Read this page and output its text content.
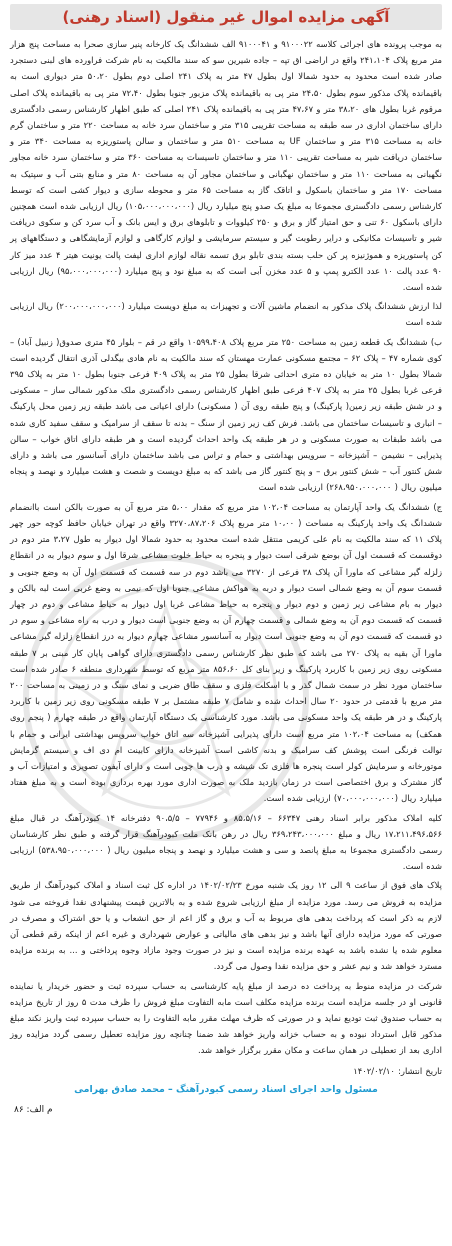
آگهی مزایده اموال غیر منقول (اسناد رهنی)

به موجب پرونده های اجرائی کلاسه ۹۱۰۰۰۲۲ و ۹۱۰۰۰۴۱ الف ششدانگ یک کارخانه پنیر سازی صحرا به مساحت پنج هزار متر مربع پلاک ۲۴۱،۱۰۴ واقع در اراضی اق تپه – جاده شیرین سو که سند مالکیت به نام شرکت فراورده های لبنی دستجرد صادر شده است محدود به حدود شمالا اول بطول ۴۷ متر به پلاک ۲۴۱ اصلی دوم بطول ۵۰،۲۰ متر دیواری است به باقیمانده پلاک مذکور سوم بطول ۲۴،۵۰ متر پی به باقیمانده پلاک مزبور جنوبا بطول ۷۲،۴۰ متر پی به باقیمانده پلاک اصلی مرقوم غربا بطول های ۳۸،۲۰ متر و ۴۷،۶۷ متر پی به باقیمانده پلاک ۲۴۱ اصلی که طبق اظهار کارشناس رسمی دادگستری دارای ساختمان اداری در سه طبقه به مساحت تقریبی ۳۱۵ متر و ساختمان سرد خانه به مساحت ۲۲۰ متر و ساختمان گرم خانه به مساحت ۳۱۵ متر و ساختمان UF به مساحت ۵۱۰ متر و ساختمان و سالن پاستوریزه به مساحت ۳۴۰ متر و ساختمان دریافت شیر به مساحت تقریبی ۱۱۰ متر و ساختمان تاسیسات به مساحت ۳۶۰ متر و ساختمان سرد خانه مجاور نگهبانی به مساحت ۱۱۰ متر و ساختمان نهگبانی و ساختمان مجاور آن به مساحت ۸۰ متر و منابع بتنی آب و سپتیک به مساحت ۱۷۰ متر و ساختمان باسکول و اتاقک گاز به مساحت ۶۵ متر و محوطه سازی و دیوار کشی است که توسط کارشناس رسمی دادگستری مجموعا به مبلغ یک صدو پنج میلیارد ریال (۱۰۵،۰۰۰،۰۰۰،۰۰۰) ریال ارزیابی شده است همچنین دارای باسکول ۶۰ تنی و حق امتیاز گاز و برق و ۲۵۰ کیلووات و تابلوهای برق و ایس بانک و آب سرد کن و سکوی دریافت شیر و تاسیسات مکانیکی و درایر رطوبت گیر و سیستم سرمایشی و لوازم کارگاهی و لوازم آزمایشگاهی و دستگاههای پر کن پاستوریزه و هموژنیزه پر کن حلب بسته بندی تابلو برق تسمه نقاله لوازم اداری لیفت پالت یونیت هیتر ۴ عدد میز کار ۹۰ عدد پالت ۱۰ عدد الکترو پمپ و ۵ عدد مخزن آبی است که به مبلغ نود و پنج میلیارد (۹۵،۰۰۰،۰۰۰،۰۰۰) ریال ارزیابی شده است.

لذا ارزش ششدانگ پلاک مذکور به انضمام ماشین آلات و تجهیزات به مبلغ دویست میلیارد (۲۰۰،۰۰۰،۰۰۰،۰۰۰) ریال ارزیابی شده است

ب) ششدانگ یک قطعه زمین به مساحت ۲۵۰ متر مربع پلاک ۱۰۵۹۹،۴۰۸ واقع در قم – بلوار ۴۵ متری صدوق( زنبیل آباد) – کوی شماره ۴۷ – پلاک ۶۲ – مجتمع مسکونی عمارت مهستان که سند مالکیت به نام هادی بیگدلی آذری انتقال گردیده است شمالا بطول ۱۰ متر به خیابان ده متری احداثی شرقا بطول ۲۵ متر به پلاک ۴۰۹ فرعی جنوبا بطول ۱۰ متر به پلاک ۳۹۵ فرعی غربا بطول ۲۵ متر به پلاک ۴۰۷ فرعی طبق اظهار کارشناس رسمی دادگستری ملک مذکور شمالی ساز – مسکونی و در شش طبقه زیر زمین( پارکینگ) و پنج طبقه روی آن ( مسکونی) دارای اعیانی می باشد طبقه زیر زمین محل پارکینگ – انباری و تاسیسات ساختمان می باشد. فرش کف زیر زمین از سنگ – بدنه تا سقف از سرامیک و سقف سفید کاری شده می باشد طبقات به صورت مسکونی و در هر طبقه یک واحد احداث گردیده است و هر طبقه دارای اتاق خواب – سالن پذیرایی – نشیمن – آشپزخانه – سرویس بهداشتی و حمام و تراس می باشد ساختمان دارای آسانسور می باشد و دارای شش کنتور آب – شش کنتور برق – و پنج کنتور گاز می باشد که به مبلغ دویست و شصت و هشت میلیارد و نهصد و پنجاه میلیون ریال ( ۲۶۸،۹۵۰،۰۰۰،۰۰۰) ارزیابی شده است

ج) ششدانگ یک واحد آپارتمان به مساحت ۱۰۲،۰۴ متر مربع که مقدار ۵،۰۰ متر مربع آن به صورت بالکن است باانضمام ششدانگ یک واحد پارکینگ به مساحت ( ۱۰،۰۰ متر مربع پلاک ۳۲۷۰،۸۷،۲۰۶ واقع در تهران خیابان حافظ کوچه حور چهر پلاک ۱۱ که سند مالکیت به نام علی کریمی منتقل شده است محدود به حدود شمالا اول دیوار به طول ۳،۲۷ متر دوم در دوقسمت که قسمت اول آن بوضع شرقی است دیوار و پنجره به حیاط خلوت مشاعی شرقا اول و سوم دیوار به در انقطاع زلزله گیر مشاعی که ماورا آن پلاک ۳۸ فرعی از ۳۲۷۰ می باشد دوم در سه قسمت که قسمت اول آن به وضع جنوبی و قسمت سوم آن به وضع شمالی است دیوار و دربه به هواکش مشاعی جنوبا اول که نیمی به وضع غربی است لبه بالکن و دیوار به بام مشاعی زیر زمین و دوم دیوار و پنجره به حیاط مشاعی غربا اول دیوار به حیاط مشاعی و دوم در چهار قسمت که قسمت دوم آن به وضع شمالی و قسمت چهارم آن به وضع جنوبی است دیوار و درب به راه مشاعی و سوم در دو قسمت که قسمت دوم آن به وضع جنوبی است دیوار به آسانسور مشاعی چهارم دیوار به درز انقطاع زلزله گیر مشاعی ماورا آن بقیه به پلاک ۲۷۰ می باشد که طبق نظر کارشناس رسمی دادگستری دارای گواهی پایان کار مبنی بر ۷ طبقه مسکونی روی زیر زمین با کاربرد پارکینگ و زیر بنای کل ۸۵۶،۶۰ متر مربع که توسط شهرداری منطقه ۶ صادر شده است ساختمان مورد نظر در سمت شمال گذر و با اسکلت فلزی و سقف طاق ضربی و نمای سنگ و در زمینی به مساحت ۲۰۰ متر مربع با قدمتی در حدود ۲۰ سال احداث شده و شامل ۷ طبقه مشتمل بر ۷ طبقه مسکونی روی زیر زمین با کاربرد پارکینگ و در هر طبقه یک واحد مسکونی می باشد. مورد کارشناسی یک دستگاه آپارتمان واقع در طبقه چهارم ( پنجم روی همکف) به مساحت ۱۰۲،۰۴ متر مربع است دارای پذیرایی آشپزخانه سه اتاق خواب سرویس بهداشتی ایرانی و حمام با توالت فرنگی است پوشش کف سرامیک و بدنه کاشی است آشپزخانه دارای کابینت ام دی اف و سیستم گرمایش موتورخانه و سرمایش کولر است پنجره ها فلزی تک شیشه و درب ها چوبی است و دارای آیفون تصویری و امتیازات آب و گاز مشترک و برق اختصاصی است در زمان بازدید ملک به صورت اداری مورد بهره برداری بوده است و به مبلغ هفتاد میلیارد ریال (۷۰،۰۰۰،۰۰۰،۰۰۰) ارزیابی شده است.

کلیه املاک مذکور برابر اسناد رهنی ۶۶۳۴۷ – ۸۵،۵/۱۶ و ۷۷۹۴۶ – ۹۰،۵/۵ دفترخانه ۱۴ کبودرآهنگ در قبال مبلغ ۱۷،۲۱۱،۴۹۶،۵۶۶ ریال و مبلغ ۳۶۹،۲۴۳،۰۰۰،۰۰۰ ریال در رهن بانک ملت کبودرآهنگ قرار گرفته و طبق نظر کارشناسان رسمی دادگستری مجموعا به مبلغ پانصد و سی و هشت میلیارد و نهصد و پنجاه میلیون ریال ( ۵۳۸،۹۵۰،۰۰۰،۰۰۰) ارزیابی شده است.

پلاک های فوق از ساعت ۹ الی ۱۲ روز یک شنبه مورخ ۱۴۰۲/۰۲/۲۳ در اداره کل ثبت اسناد و املاک کبودرآهنگ از طریق مزایده به فروش می رسد. مورد مزایده از مبلغ ارزیابی شروع شده و به بالاترین قیمت پیشنهادی نقدا فروخته می شود لازم به ذکر است که پرداخت بدهی های مربوط به آب و برق و گاز اعم از حق انشعاب و یا حق اشتراک و مصرف در صورتی که مورد مزایده دارای آنها باشد و نیز بدهی های مالیاتی و عوارض شهرداری و غیره اعم از اینکه رقم قطعی آن معلوم شده یا نشده باشد به عهده برنده مزایده است و نیز در صورت وجود مازاد وجوه پرداختی و ... به برنده مزایده مسترد خواهد شد و نیم عشر و حق مزایده نقدا وصول می گردد.

شرکت در مزایده منوط به پرداخت ده درصد از مبلغ پایه کارشناسی به حساب سپرده ثبت و حضور خریدار یا نماینده قانونی او در جلسه مزایده است برنده مزایده مکلف است مابه التفاوت مبلغ فروش را ظرف مدت ۵ روز از تاریخ مزایده به حساب صندوق ثبت تودیع نماید و در صورتی که ظرف مهلت مقرر مابه التفاوت را به حساب سپرده ثبت واریز نکند مبلغ مذکور قابل استرداد نبوده و به حساب خزانه واریز خواهد شد ضمنا چنانچه روز مزایده تعطیل رسمی گردد مزایده روز اداری بعد از تعطیلی در همان ساعت و مکان مقرر برگزار خواهد شد.

تاریخ انتشار: ۱۴۰۲/۰۲/۱۰

مسئول واحد اجرای اسناد رسمی کبودرآهنگ – محمد صادق بهرامی
م الف: ۸۶
